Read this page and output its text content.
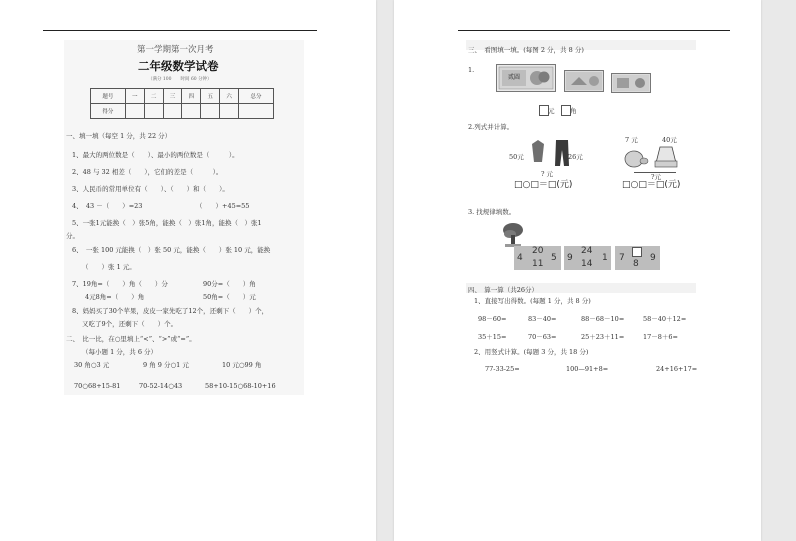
第一学期第一次月考
二年级数学试卷
（满分 100　　时间 60 分钟）
题号	一	二	三	四	五	六	总分
得分							
一、填一填（每空 1 分，共 22 分）
1、最大的两位数是（　　）、最小的两位数是（　　　）。
2、48 与 32 相差（　　），它们的差是（　　　）。
3、人民币的常用单位有（　　）、（　　）和（　　）。
4、　43 －（　　）=23	（　　）+45=55
5、一张1元能换（　）张5角，能换（　）张1角，能换（　）张1
分。
6、　一张 100 元能换（　）张 50 元，能换（　　）张 10 元，能换
（　　）张 1 元。
7、19角=（　　）角（　　）分	90分=（　　）角
4元8角=（　　）角	50角=（　　）元
8、妈妈买了30个苹果，皮皮一家先吃了12个，还剩下（　　）个，
又吃了9个，还剩下（　　）个。
二、　比一比，在○里填上“<”、“>”或“=”。
（每小题 1 分，共 6 分）
30 角○3 元	9 角 9 分○1 元	10 元○99 角
70○68+15-81	70-52-14○43	58+10-15○68-10+16
三、　看图填一填。(每图 2 分，共 8 分)
1.
贰圆
元 角
2.列式并计算。
50元	26元
? 元
7 元	40元
?元
□○□＝□(元)	□○□＝□(元)
3. 找规律填数。
4
20
11
5 9
24
14
1 7
8
9
四、　算一算（共26分）
1、直接写出得数。(每题 1 分，共 8 分)
98－60=	83－40=	88－68－10=	58－40＋12=
35＋15=	70－63=	25＋23＋11=	17－8＋6=
2、用竖式计算。(每题 3 分，共 18 分)
77-33-25=	100—91+8=	24+16+17=
